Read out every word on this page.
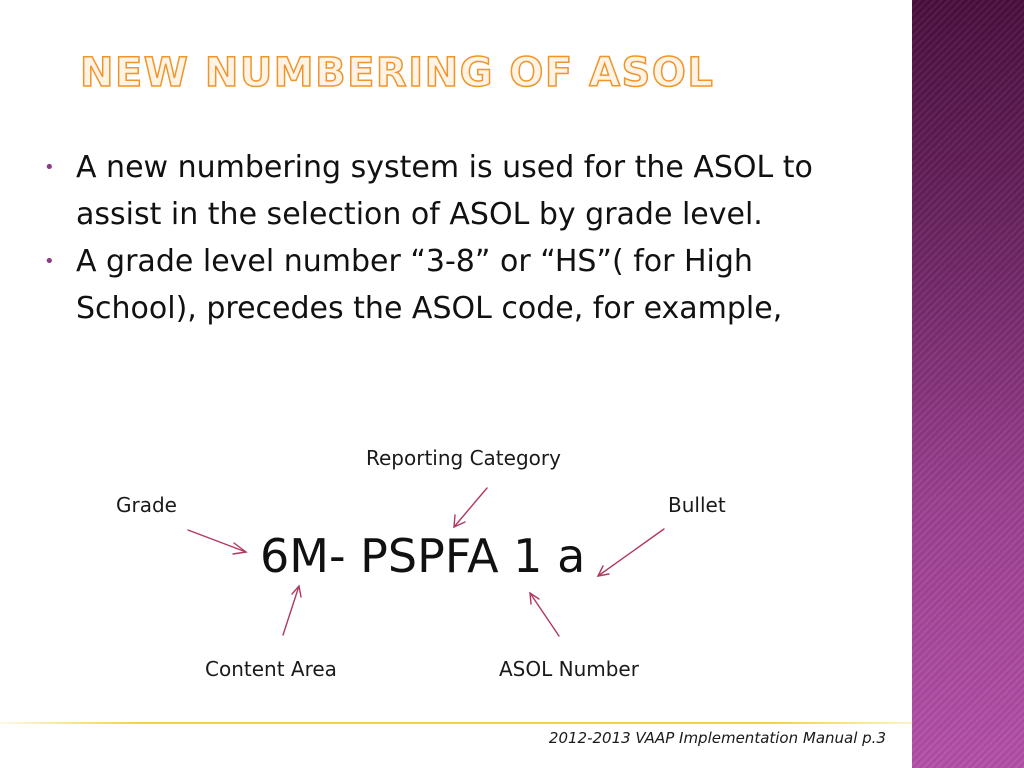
NEW NUMBERING OF ASOL
• A new numbering system is used for the ASOL to assist in the selection of ASOL by grade level.
• A grade level number “3-8” or “HS”( for High School), precedes the ASOL code, for example,
Reporting Category
Grade	Bullet
6M- PSPFA 1 a
Content Area	ASOL Number
2012-2013 VAAP Implementation Manual p.3
